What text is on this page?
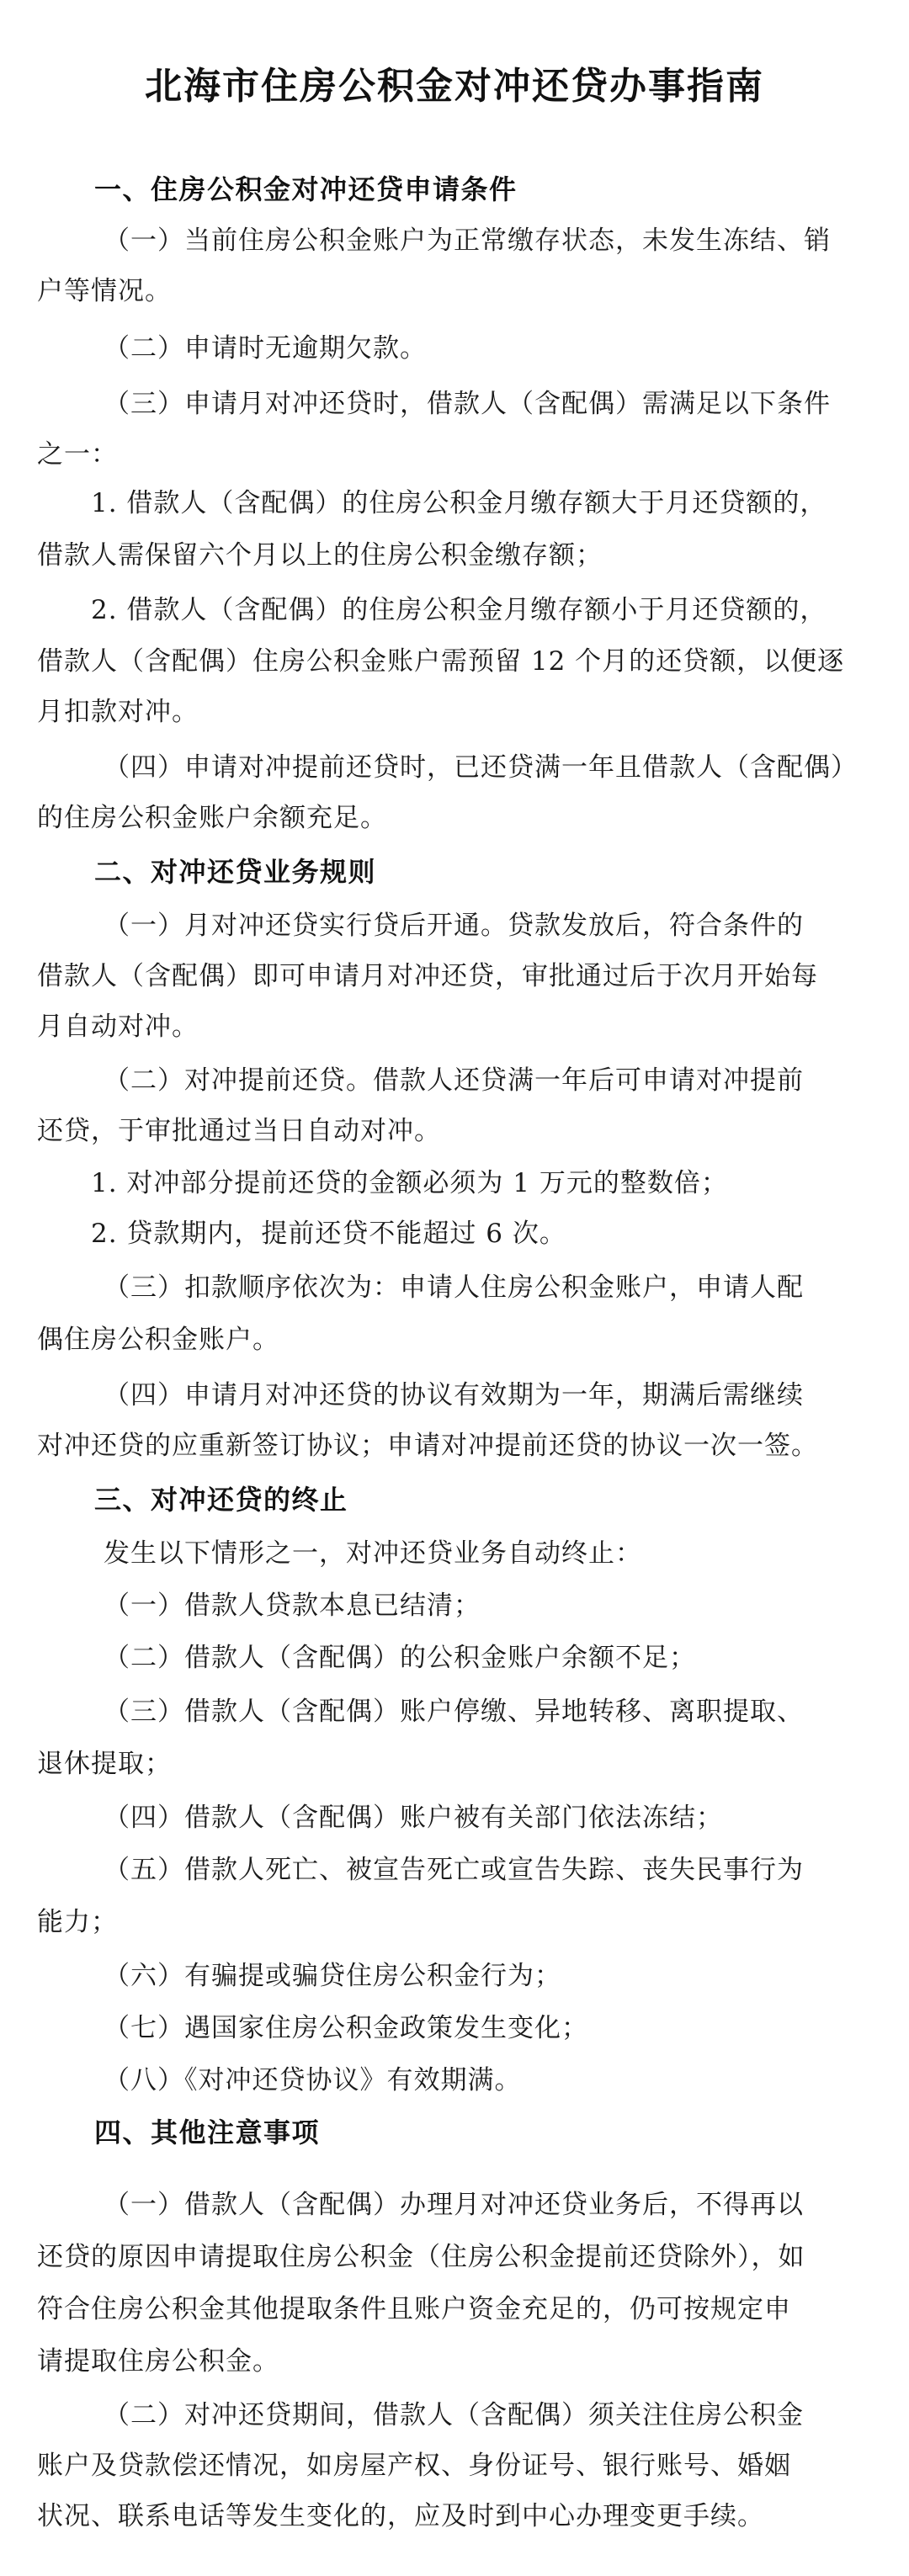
北海市住房公积金对冲还贷办事指南
一、住房公积金对冲还贷申请条件
（一）当前住房公积金账户为正常缴存状态，未发生冻结、销
户等情况。
（二）申请时无逾期欠款。
（三）申请月对冲还贷时，借款人（含配偶）需满足以下条件
之一：
1. 借款人（含配偶）的住房公积金月缴存额大于月还贷额的，
借款人需保留六个月以上的住房公积金缴存额；
2. 借款人（含配偶）的住房公积金月缴存额小于月还贷额的，
借款人（含配偶）住房公积金账户需预留 12 个月的还贷额，以便逐
月扣款对冲。
（四）申请对冲提前还贷时，已还贷满一年且借款人（含配偶）
的住房公积金账户余额充足。
二、对冲还贷业务规则
（一）月对冲还贷实行贷后开通。贷款发放后，符合条件的
借款人（含配偶）即可申请月对冲还贷，审批通过后于次月开始每
月自动对冲。
（二）对冲提前还贷。借款人还贷满一年后可申请对冲提前
还贷，于审批通过当日自动对冲。
1. 对冲部分提前还贷的金额必须为 1 万元的整数倍；
2. 贷款期内，提前还贷不能超过 6 次。
（三）扣款顺序依次为：申请人住房公积金账户，申请人配
偶住房公积金账户。
（四）申请月对冲还贷的协议有效期为一年，期满后需继续
对冲还贷的应重新签订协议；申请对冲提前还贷的协议一次一签。
三、对冲还贷的终止
发生以下情形之一，对冲还贷业务自动终止：
（一）借款人贷款本息已结清；
（二）借款人（含配偶）的公积金账户余额不足；
（三）借款人（含配偶）账户停缴、异地转移、离职提取、
退休提取；
（四）借款人（含配偶）账户被有关部门依法冻结；
（五）借款人死亡、被宣告死亡或宣告失踪、丧失民事行为
能力；
（六）有骗提或骗贷住房公积金行为；
（七）遇国家住房公积金政策发生变化；
（八）《对冲还贷协议》有效期满。
四、其他注意事项
（一）借款人（含配偶）办理月对冲还贷业务后，不得再以
还贷的原因申请提取住房公积金（住房公积金提前还贷除外），如
符合住房公积金其他提取条件且账户资金充足的，仍可按规定申
请提取住房公积金。
（二）对冲还贷期间，借款人（含配偶）须关注住房公积金
账户及贷款偿还情况，如房屋产权、身份证号、银行账号、婚姻
状况、联系电话等发生变化的，应及时到中心办理变更手续。
